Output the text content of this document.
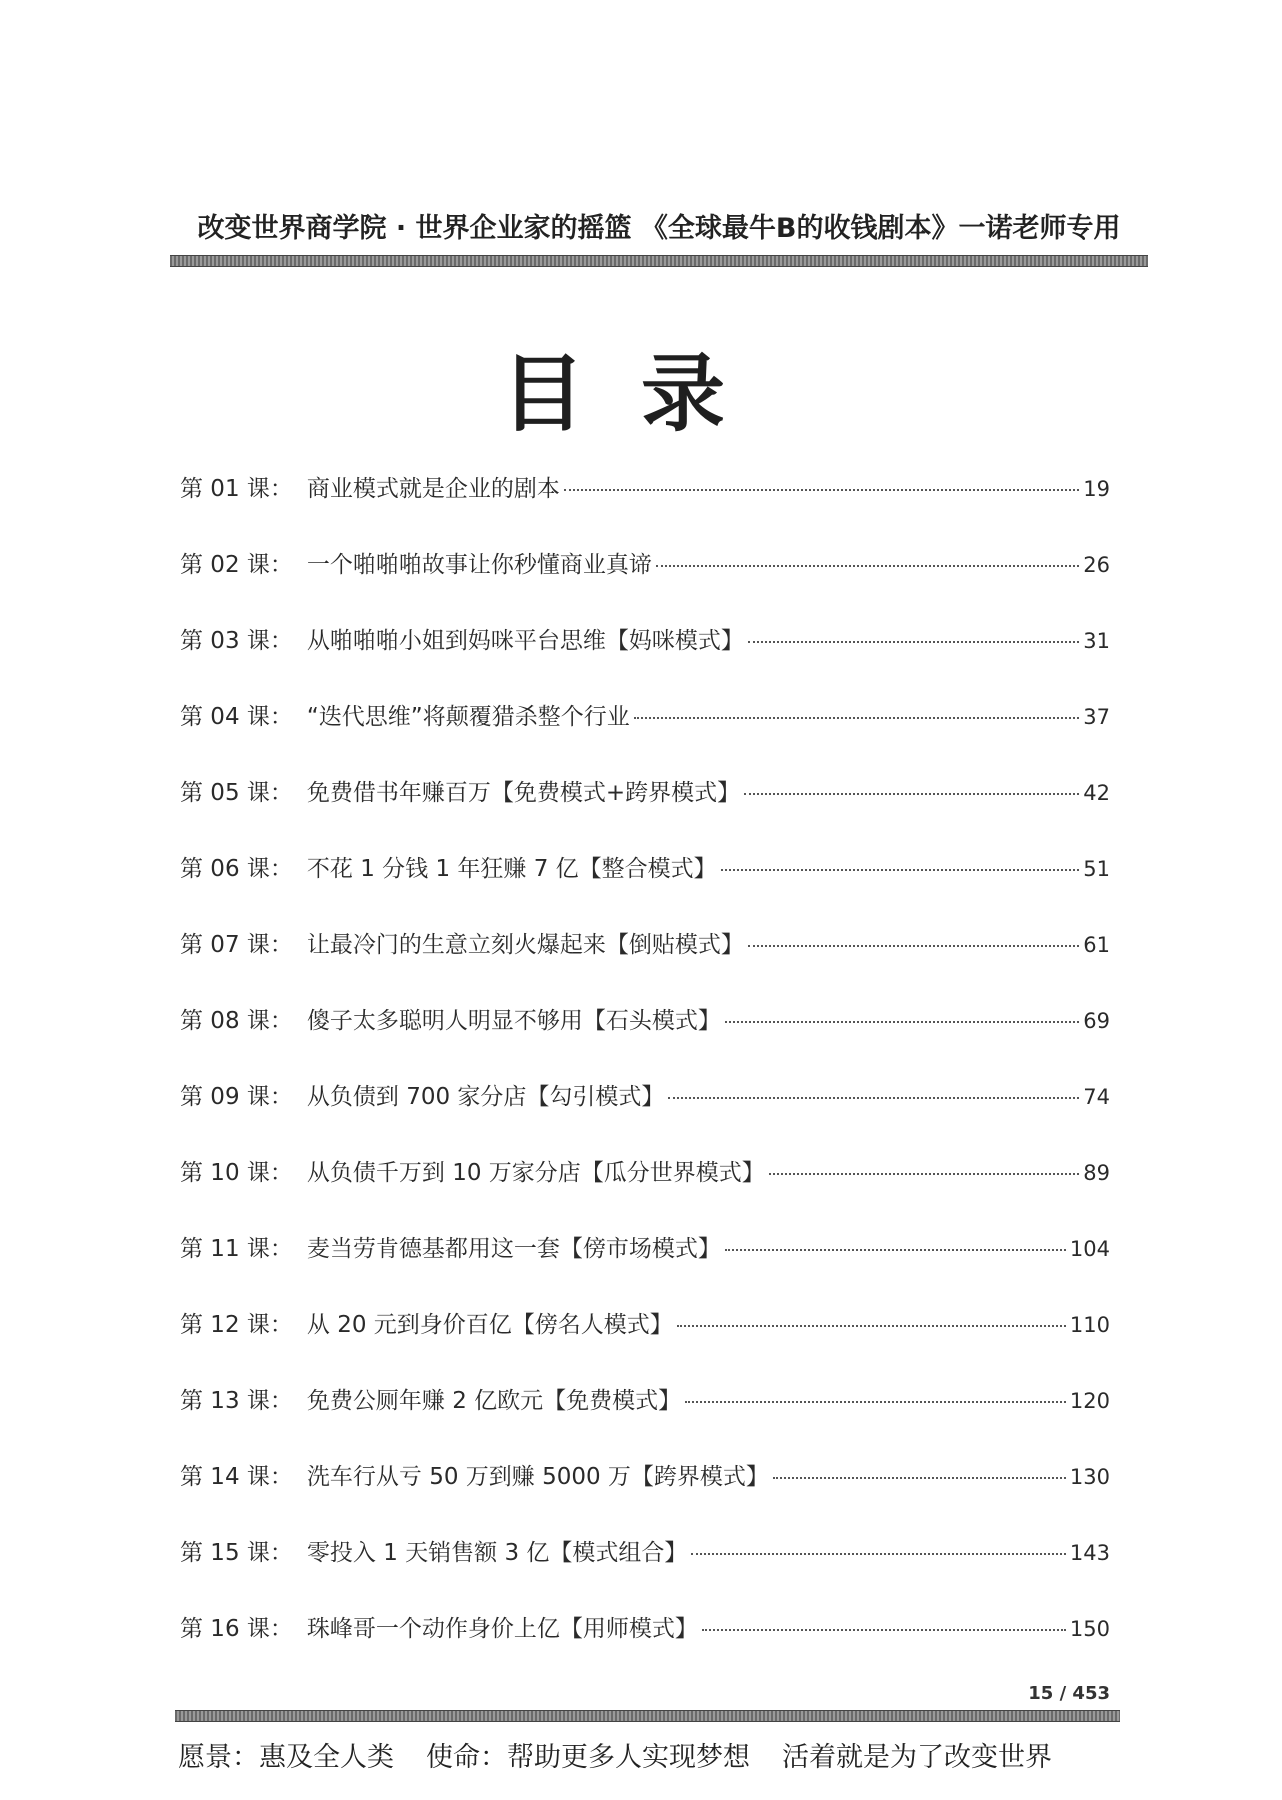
改变世界商学院 · 世界企业家的摇篮 《全球最牛B的收钱剧本》一诺老师专用
目录
第 01 课： 商业模式就是企业的剧本	19
第 02 课： 一个啪啪啪故事让你秒懂商业真谛	26
第 03 课： 从啪啪啪小姐到妈咪平台思维【妈咪模式】	31
第 04 课： “迭代思维”将颠覆猎杀整个行业	37
第 05 课： 免费借书年赚百万【免费模式+跨界模式】	42
第 06 课： 不花 1 分钱 1 年狂赚 7 亿【整合模式】	51
第 07 课： 让最冷门的生意立刻火爆起来【倒贴模式】	61
第 08 课： 傻子太多聪明人明显不够用【石头模式】	69
第 09 课： 从负债到 700 家分店【勾引模式】	74
第 10 课： 从负债千万到 10 万家分店【瓜分世界模式】	89
第 11 课： 麦当劳肯德基都用这一套【傍市场模式】	104
第 12 课： 从 20 元到身价百亿【傍名人模式】	110
第 13 课： 免费公厕年赚 2 亿欧元【免费模式】	120
第 14 课： 洗车行从亏 50 万到赚 5000 万【跨界模式】	130
第 15 课： 零投入 1 天销售额 3 亿【模式组合】	143
第 16 课： 珠峰哥一个动作身价上亿【用师模式】	150
15 / 453
愿景：惠及全人类 使命：帮助更多人实现梦想 活着就是为了改变世界
